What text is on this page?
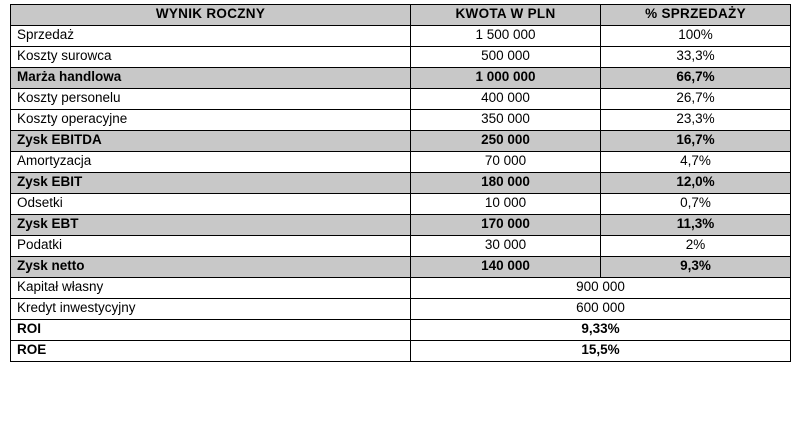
WYNIK ROCZNY	KWOTA W PLN	% SPRZEDAŻY
Sprzedaż	1 500 000	100%
Koszty surowca	500 000	33,3%
Marża handlowa	1 000 000	66,7%
Koszty personelu	400 000	26,7%
Koszty operacyjne	350 000	23,3%
Zysk EBITDA	250 000	16,7%
Amortyzacja	70 000	4,7%
Zysk EBIT	180 000	12,0%
Odsetki	10 000	0,7%
Zysk EBT	170 000	11,3%
Podatki	30 000	2%
Zysk netto	140 000	9,3%
Kapitał własny	900 000	
Kredyt inwestycyjny	600 000	
ROI	9,33%	
ROE	15,5%	
